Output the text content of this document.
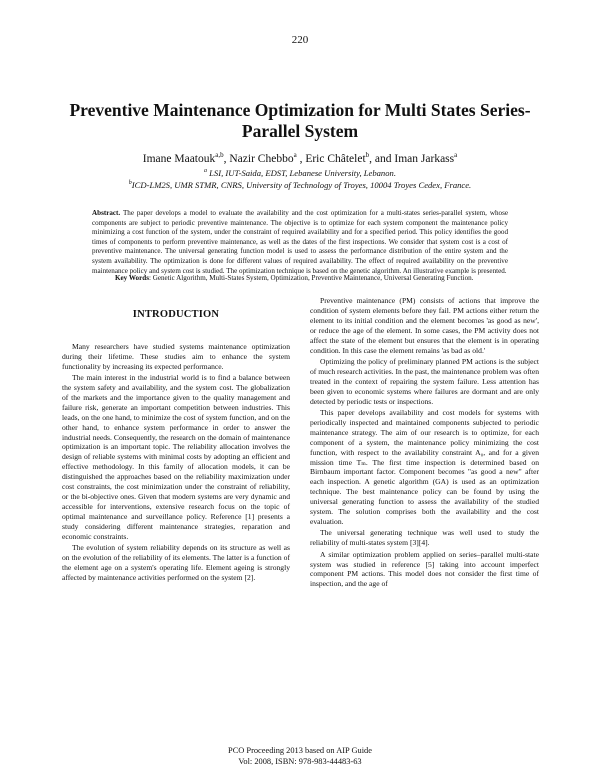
220
Preventive Maintenance Optimization for Multi States Series-Parallel System
Imane Maatouk$^{a,b}$, Nazir Chebbo$^a$ , Eric Châtelet$^b$, and Iman Jarkass$^a$
$^a$ LSI, IUT-Saida, EDST, Lebanese University, Lebanon.
$^b$ICD-LM2S, UMR STMR, CNRS, University of Technology of Troyes, 10004 Troyes Cedex, France.

Abstract. The paper develops a model to evaluate the availability and the cost optimization for a multi-states series-parallel system, whose components are subject to periodic preventive maintenance. The objective is to optimize for each system component the maintenance policy minimizing a cost function of the system, under the constraint of required availability and for a specified period. This policy identifies the good times of components to perform preventive maintenance, as well as the dates of the first inspections. We consider that system cost is a cost of preventive maintenance. The universal generating function model is used to assess the performance distribution of the entire system and the system availability. The optimization is done for different values of required availability. The effect of required availability on the preventive maintenance policy and system cost is studied. The optimization technique is based on the genetic algorithm. An illustrative example is presented.

Key Words: Genetic Algorithm, Multi-States System, Optimization, Preventive Maintenance, Universal Generating Function.
INTRODUCTION

Many researchers have studied systems maintenance optimization during their lifetime. These studies aim to enhance the system functionality by increasing its expected performance.

The main interest in the industrial world is to find a balance between the system safety and availability, and the system cost. The globalization of the markets and the importance given to the quality management and failure risk, generate an important competition between industries. This leads, on the one hand, to minimize the cost of system function, and on the other hand, to enhance system performance in order to answer the industrial needs. Consequently, the research on the domain of maintenance optimization is an important topic. The reliability allocation involves the design of reliable systems with minimal costs by adopting an efficient and effective methodology. In this family of allocation models, it can be distinguished the approaches based on the reliability maximization under cost constraints, the cost minimization under the constraint of reliability, or the bi-objective ones. Given that modern systems are very dynamic and accessible for interventions, extensive research focus on the topic of optimal maintenance and surveillance policy. Reference [1] presents a study considering different maintenance strategies, reparation and economic constraints.

The evolution of system reliability depends on its structure as well as on the evolution of the reliability of its elements. The latter is a function of the element age on a system's operating life. Element ageing is strongly affected by maintenance activities performed on the system [2].

Preventive maintenance (PM) consists of actions that improve the condition of system elements before they fail. PM actions either return the element to its initial condition and the element becomes 'as good as new', or reduce the age of the element. In some cases, the PM activity does not affect the state of the element but ensures that the element is in operating condition. In this case the element remains 'as bad as old.'

Optimizing the policy of preliminary planned PM actions is the subject of much research activities. In the past, the maintenance problem was often treated in the context of repairing the system failure. Less attention has been given to economic systems where failures are dormant and are only detected by periodic tests or inspections.

This paper develops availability and cost models for systems with periodically inspected and maintained components subjected to periodic maintenance strategy. The aim of our research is to optimize, for each component of a system, the maintenance policy minimizing the cost function, with respect to the availability constraint A₀, and for a given mission time Tₘ. The first time inspection is determined based on Birnbaum important factor. Component becomes "as good a new" after each inspection. A genetic algorithm (GA) is used as an optimization technique. The best maintenance policy can be found by using the universal generating function to assess the availability of the studied system. The solution comprises both the availability and the cost evaluation.

The universal generating technique was well used to study the reliability of multi-states system [3][4].

A similar optimization problem applied on series–parallel multi-state system was studied in reference [5] taking into account imperfect component PM actions. This model does not consider the first time of inspection, and the age of

PCO Proceeding 2013 based on AIP Guide
Vol: 2008, ISBN: 978-983-44483-63
